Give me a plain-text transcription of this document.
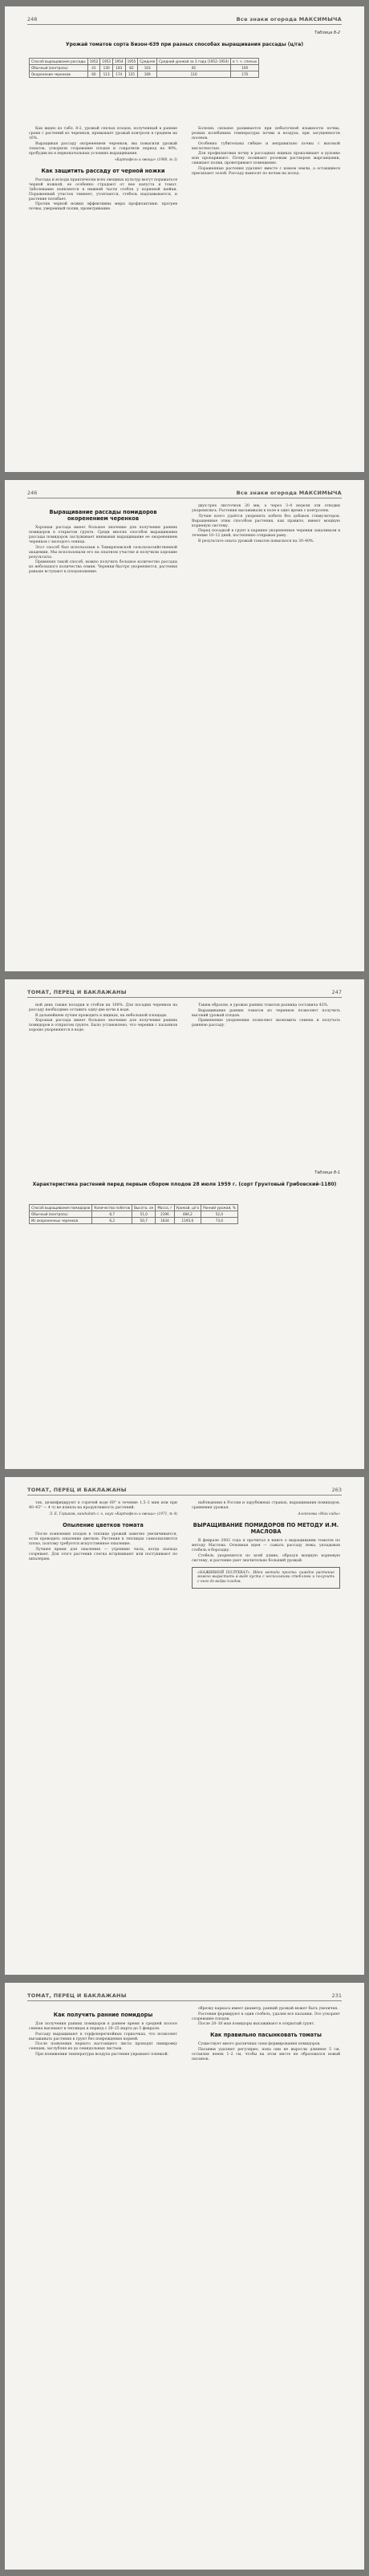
248	Все знаки огорода МАКСИМЫЧА
Таблица 8-2
Урожай томатов сорта Бизон-639 при разных способах выращивания рассады (ц/га)
Способ выращивания рассады	1952	1953	1954	1955	Средняя	Средний урожай за 3 года (1952–1954)	в т. ч. спелых
Обычный (контроль)	41	130	183	82	103	81	100
Окоренение черенков	60	113	174	125	169	116	170

Как видно из табл. 8-2, урожай спелых плодов, полученный в ранние сроки с растений из черенков, превышает урожай контроля в среднем на 16%.

Выращивая рассаду окоренением черенков, мы повысили урожай томатов, ускорили созревание плодов и сократили период на 40%, пробудив их в первоначальных условиях выращивания.

«Картофель и овощи» (1960, № 3)
Как защитить рассаду от черной ножки

Рассада и всходы практически всех овощных культур могут поражаться черной ножкой, ее особенно страдают от нее капуста и томат. Заболевание появляется в нижней части стебля у корневой шейки. Пораженный участок темнеет, утончается, стебель надламывается, и растение погибает.

Против черной ножки эффективны меры профилактики: прогрев почвы, умеренный полив, проветривание.

Болезнь сильнее развивается при избыточной влажности почвы, резких колебаниях температуры почвы и воздуха, при загущенности посевов.

Особенно губительны гибкие и неправильно почвы с высокой кислотностью.

Для профилактики почву в рассадных ящиках прокаливают в духовке или пропаривают. Почву поливают розовым раствором марганцовки, снижают полив, проветривают помещение.

Пораженные растения удаляют вместе с комом земли, а оставшиеся присыпают золой. Рассаду выносят по ночам на холод.

246	Все знаки огорода МАКСИМЫЧА
Выращивание рассады помидоров окоренением черенков

Хорошая рассада имеет большое значение для получения ранних помидоров в открытом грунте. Среди многих способов выращивания рассады помидоров заслуживает внимания выращивание ее окоренением черенков с молодого сеянца.

Этот способ был использован в Тимирязевской сельскохозяйственной академии. Мы использовали его на опытном участке и получили хорошие результаты.

Применяя такой способ, можно получить большое количество рассады из небольшого количества семян. Черенки быстро укореняются, растения раньше вступают в плодоношение.

двух-трех листочков 20 мм, а через 3–4 недели эти отводки укоренялись. Растения высаживали в поле в одно время с контролем.

Лучше всего удаётся укоренять побеги без добавок стимуляторов. Выращенные этим способом растения, как правило, имеют мощную корневую систему.

Перед посадкой в грунт в парнике укорененные черенки закаливали в течение 10–12 дней, постепенно открывая раму.

В результате опыта урожай томатов повысился на 30–40%.

ТОМАТ, ПЕРЕЦ И БАКЛАЖАНЫ	247

ной день также посадки и стебли на 100%. Для посадки черенков на рассаду необходимо оставить одну-две ночи в воде.

В дальнейшем лучше проводить в ящиках, на небольшой площади.

Хорошая рассада имеет большое значение для получения ранних помидоров в открытом грунте. Было установлено, что черенки с пасынков хорошо укореняются в воде.

Таким образом, в урожае ранних томатов разница составила 42%.

Выращивание ранних томатов из черенков позволяет получить высокий урожай плодов.

Применение укоренения позволяет экономить семена и получать раннюю рассаду.

Таблица 8-1
Характеристика растений перед первым сбором плодов 28 июля 1959 г. (сорт Грунтовый Грибовский-1180)
Способ выращивания помидоров	Количество побегов	Высота, см	Масса, г	Урожай, ц/га	Ранний урожай, %
Обычный (контроль)	8,7	51,0	2196	484,2	52,0
Из окорененных черенков	6,2	50,7	1634	1195,6	73,0
ТОМАТ, ПЕРЕЦ И БАКЛАЖАНЫ	263

ток, дезинфицируют в горячей воде 60° в течение 1,5–2 мин или при 40–45° — 4 ч) не влияла на продуктивность растений.

Л. Е. Горшков, кандидат с.-х. наук «Картофель и овощи» (1971, № 4)
Опыление цветков томата

После появления плодов в теплице урожай заметно увеличивается, если проводить опыление цветков. Растения в теплицах самоопыляются плохо, поэтому требуется искусственное опыление.

Лучшее время для опыления — утренние часы, когда пыльца созревает. Для этого растения слегка встряхивают или постукивают по шпалерам.

наблюдения в России и зарубежных странах, выращивания помидоров, сравнения урожая.

Алексеева «Мои сады»
ВЫРАЩИВАНИЕ ПОМИДОРОВ ПО МЕТОДУ И.М. МАСЛОВА

В феврале 2002 года я прочитал в книге о выращивании томатов по методу Маслова. Основная идея — сажать рассаду лежа, укладывая стебель в бороздку.

Стебель укореняется по всей длине, образуя мощную корневую систему, и растение дает значительно больший урожай.

«НАЖИВНОЙ ПОЛУХВАТ». Идея метода проста: каждое растение можно вырастить в виде куста с несколькими стеблями и получить с него до ведра плодов.
ТОМАТ, ПЕРЕЦ И БАКЛАЖАНЫ	231
Как получить ранние помидоры

Для получения ранних помидоров в раннее время в средней полосе семена высевают в теплицах в период с 20–25 марта до 5 февраля.

Рассаду выращивают в торфоперегнойных горшочках, что позволяет высаживать растения в грунт без повреждения корней.

После появления первого настоящего листа проводят пикировку сеянцев, заглубляя их до семядольных листьев.

При понижении температуры воздуха растения укрывают пленкой.

обрезку каркаса имеет диаметр, ранний урожай может быть увеличен.

Растения формируют в один стебель, удаляя все пасынки. Это ускоряет созревание плодов.

После 20–30 мая помидоры высаживают в открытый грунт.

Как правильно пасынковать томаты

Существует много различных схем формирования помидоров.

Пасынки удаляют регулярно, пока они не выросли длиннее 5 см, оставляя пенек 1–2 см, чтобы на этом месте не образовался новый пасынок.
